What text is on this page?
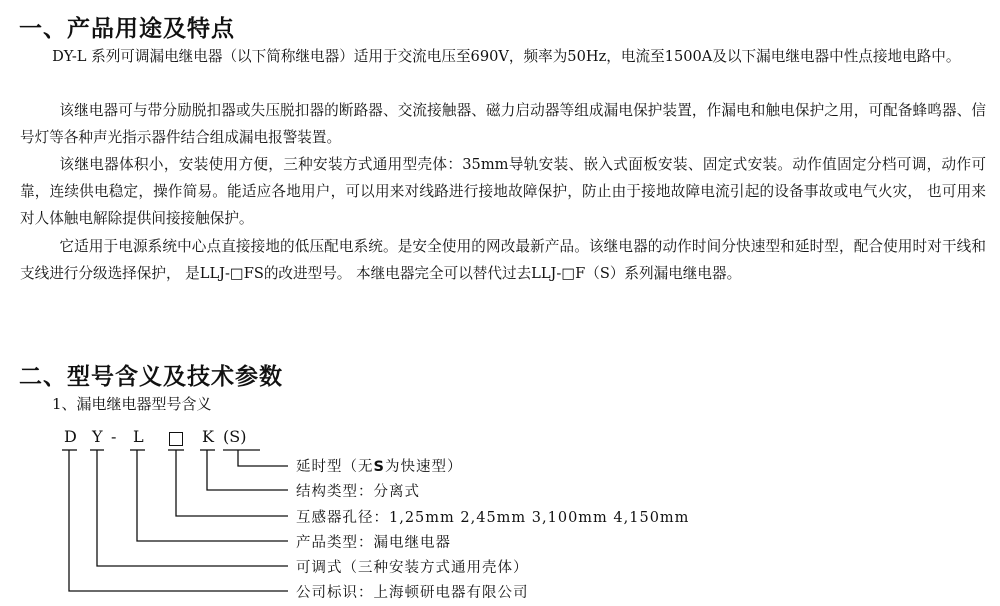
一、产品用途及特点

DY-L 系列可调漏电继电器（以下简称继电器）适用于交流电压至690V，频率为50Hz，电流至1500A及以下漏电继电器中性点接地电路中。

该继电器可与带分励脱扣器或失压脱扣器的断路器、交流接触器、磁力启动器等组成漏电保护装置，作漏电和触电保护之用，可配备蜂鸣器、信号灯等各种声光指示器件结合组成漏电报警装置。

该继电器体积小，安装使用方便，三种安装方式通用型壳体：35mm导轨安装、嵌入式面板安装、固定式安装。动作值固定分档可调，动作可靠，连续供电稳定，操作简易。能适应各地用户，可以用来对线路进行接地故障保护，防止由于接地故障电流引起的设备事故或电气火灾， 也可用来对人体触电解除提供间接接触保护。

它适用于电源系统中心点直接接地的低压配电系统。是安全使用的网改最新产品。该继电器的动作时间分快速型和延时型，配合使用时对干线和支线进行分级选择保护， 是LLJ-□FS的改进型号。 本继电器完全可以替代过去LLJ-□F（S）系列漏电继电器。

二、型号含义及技术参数
1、漏电继电器型号含义
D Y - L	K (S)
延时型（无S为快速型）
结构类型：分离式
互感器孔径：1,25mm 2,45mm 3,100mm 4,150mm
产品类型：漏电继电器
可调式（三种安装方式通用壳体）
公司标识：上海顿研电器有限公司
